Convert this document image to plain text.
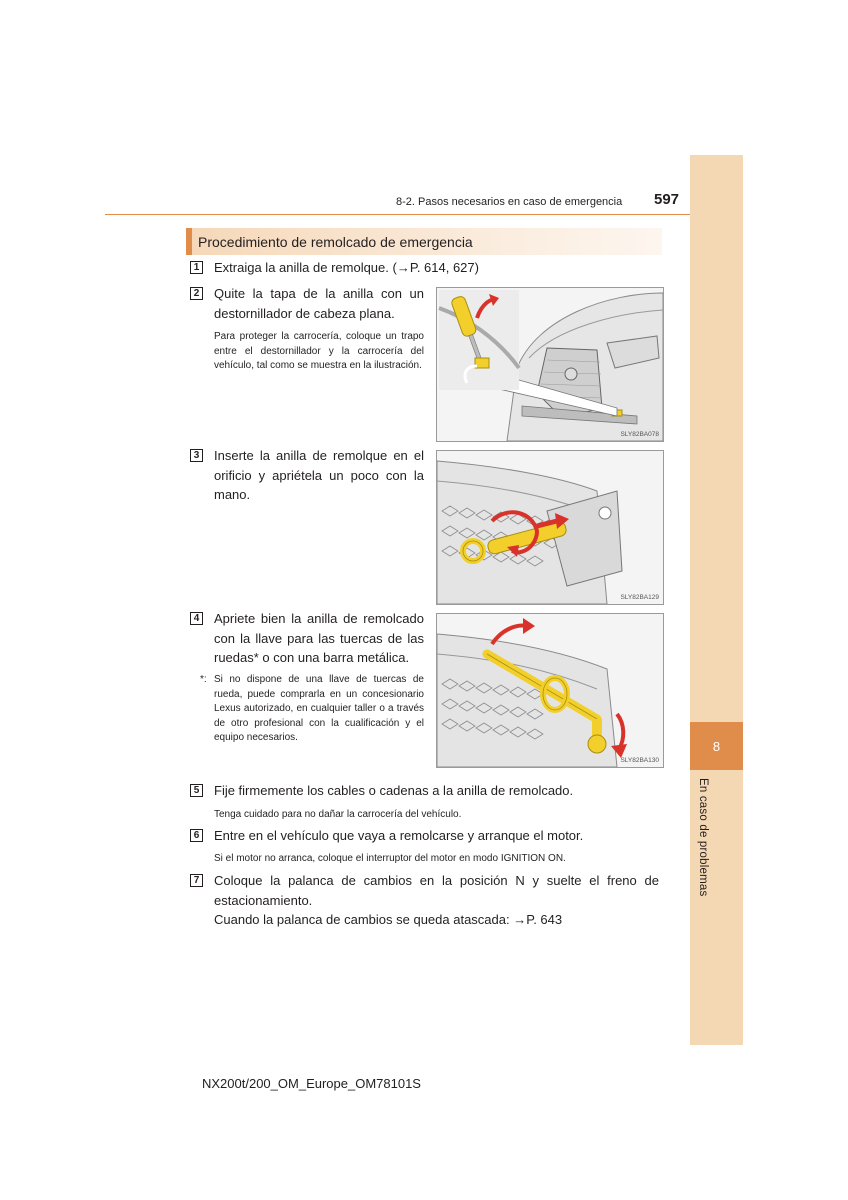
8
En caso de problemas
8-2. Pasos necesarios en caso de emergencia 597
Procedimiento de remolcado de emergencia
1 Extraiga la anilla de remolque. (→P. 614, 627)
2 Quite la tapa de la anilla con un destornillador de cabeza plana.
Para proteger la carrocería, coloque un trapo entre el destornillador y la carrocería del vehículo, tal como se muestra en la ilustración.
SLY82BA078
3 Inserte la anilla de remolque en el orificio y apriétela un poco con la mano.
SLY82BA129
4 Apriete bien la anilla de remolcado con la llave para las tuercas de las ruedas* o con una barra metálica.
*: Si no dispone de una llave de tuercas de rueda, puede comprarla en un concesionario Lexus autorizado, en cualquier taller o a través de otro profesional con la cualificación y el equipo necesarios.
SLY82BA130
5 Fije firmemente los cables o cadenas a la anilla de remolcado.
Tenga cuidado para no dañar la carrocería del vehículo.
6 Entre en el vehículo que vaya a remolcarse y arranque el motor.
Si el motor no arranca, coloque el interruptor del motor en modo IGNITION ON.
7 Coloque la palanca de cambios en la posición N y suelte el freno de estacionamiento.
Cuando la palanca de cambios se queda atascada: →P. 643
NX200t/200_OM_Europe_OM78101S
